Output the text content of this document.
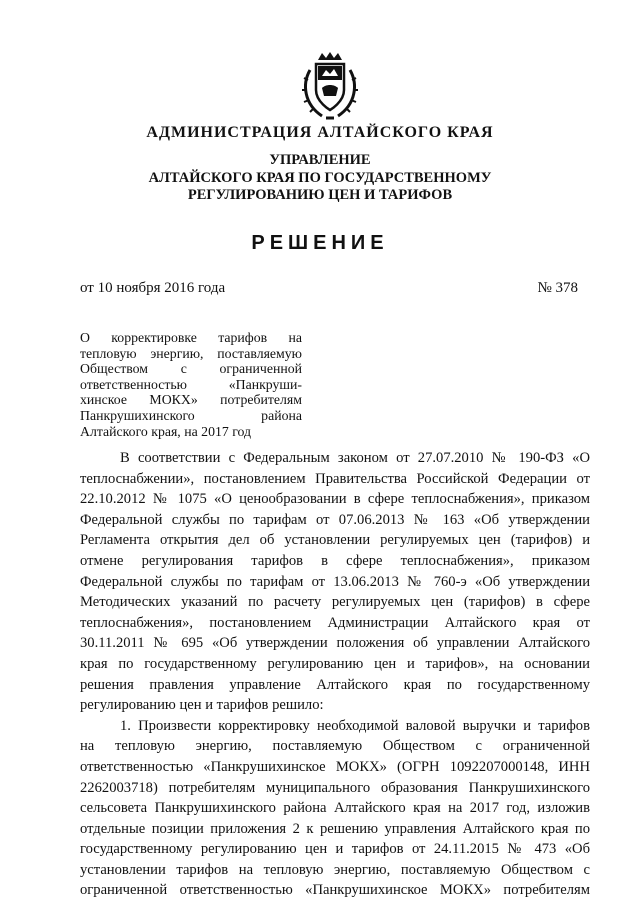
АДМИНИСТРАЦИЯ АЛТАЙСКОГО КРАЯ
УПРАВЛЕНИЕ
АЛТАЙСКОГО КРАЯ ПО ГОСУДАРСТВЕННОМУ
РЕГУЛИРОВАНИЮ ЦЕН И ТАРИФОВ
РЕШЕНИЕ
от 10 ноября 2016 года	№ 378
О корректировке тарифов на
тепловую энергию, поставляемую
Обществом с ограниченной
ответственностью «Панкруши-
хинское МОКХ» потребителям
Панкрушихинского района
Алтайского края, на 2017 год
В соответствии с Федеральным законом от 27.07.2010 № 190-ФЗ «О
теплоснабжении», постановлением Правительства Российской Федерации от
22.10.2012 № 1075 «О ценообразовании в сфере теплоснабжения», приказом
Федеральной службы по тарифам от 07.06.2013 № 163 «Об утверждении
Регламента открытия дел об установлении регулируемых цен (тарифов) и
отмене регулирования тарифов в сфере теплоснабжения», приказом
Федеральной службы по тарифам от 13.06.2013 № 760-э «Об утверждении
Методических указаний по расчету регулируемых цен (тарифов) в сфере
теплоснабжения», постановлением Администрации Алтайского края от
30.11.2011 № 695 «Об утверждении положения об управлении Алтайского
края по государственному регулированию цен и тарифов», на основании
решения правления управление Алтайского края по государственному
регулированию цен и тарифов решило:
1. Произвести корректировку необходимой валовой выручки и тарифов
на тепловую энергию, поставляемую Обществом с ограниченной
ответственностью «Панкрушихинское МОКХ» (ОГРН 1092207000148, ИНН
2262003718) потребителям муниципального образования Панкрушихинского
сельсовета Панкрушихинского района Алтайского края на 2017 год, изложив
отдельные позиции приложения 2 к решению управления Алтайского края по
государственному регулированию цен и тарифов от 24.11.2015 № 473 «Об
установлении тарифов на тепловую энергию, поставляемую Обществом с
ограниченной ответственностью «Панкрушихинское МОКХ» потребителям
